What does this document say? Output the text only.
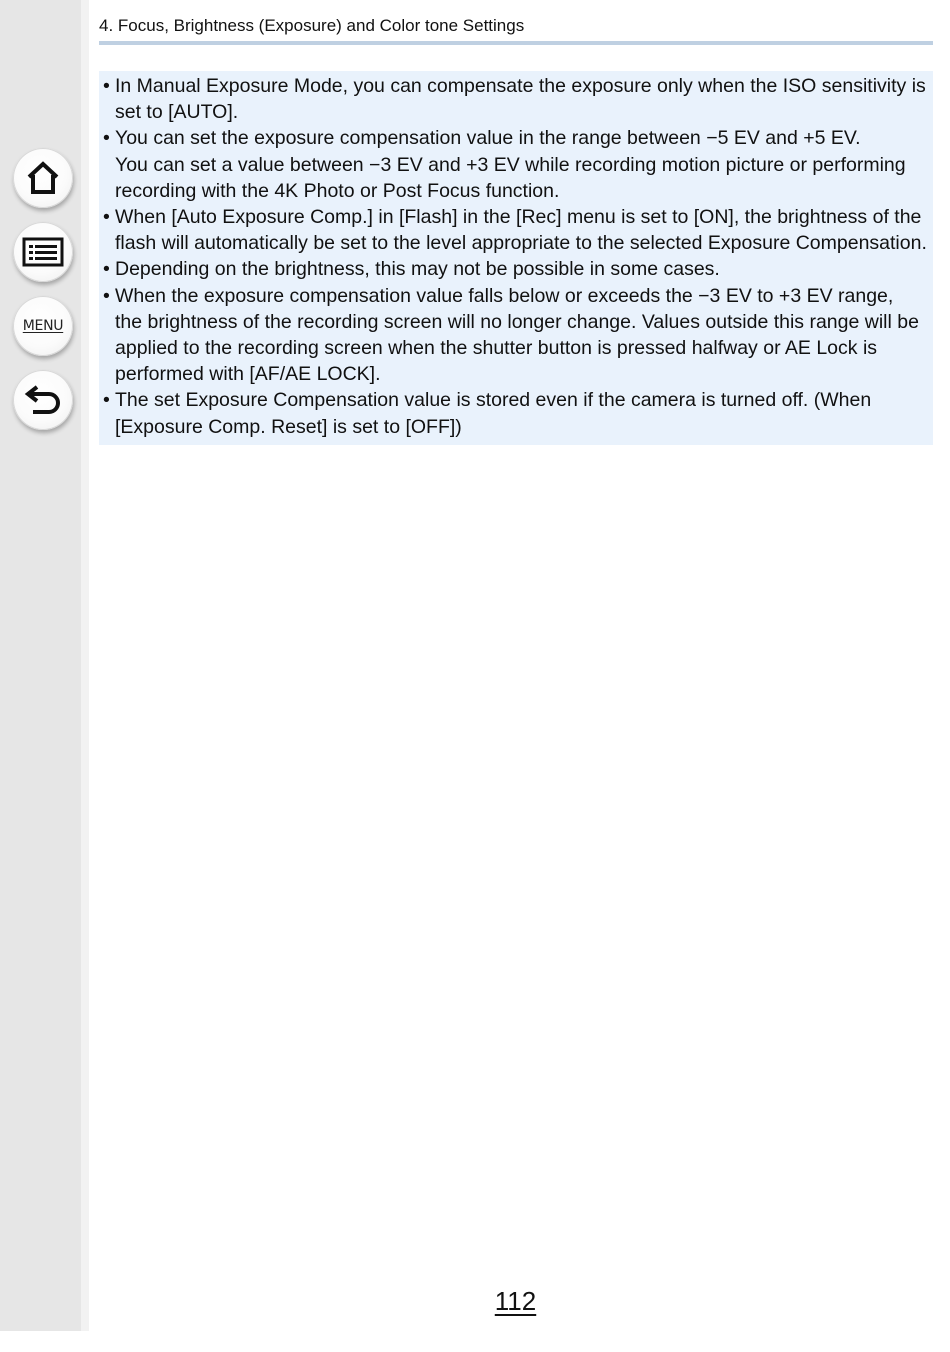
MENU
4. Focus, Brightness (Exposure) and Color tone Settings
• In Manual Exposure Mode, you can compensate the exposure only when the ISO sensitivity is
set to [AUTO].
• You can set the exposure compensation value in the range between −5 EV and +5 EV.
You can set a value between −3 EV and +3 EV while recording motion picture or performing
recording with the 4K Photo or Post Focus function.
• When [Auto Exposure Comp.] in [Flash] in the [Rec] menu is set to [ON], the brightness of the
flash will automatically be set to the level appropriate to the selected Exposure Compensation.
• Depending on the brightness, this may not be possible in some cases.
• When the exposure compensation value falls below or exceeds the −3 EV to +3 EV range,
the brightness of the recording screen will no longer change. Values outside this range will be
applied to the recording screen when the shutter button is pressed halfway or AE Lock is
performed with [AF/AE LOCK].
• The set Exposure Compensation value is stored even if the camera is turned off. (When
[Exposure Comp. Reset] is set to [OFF])
112
